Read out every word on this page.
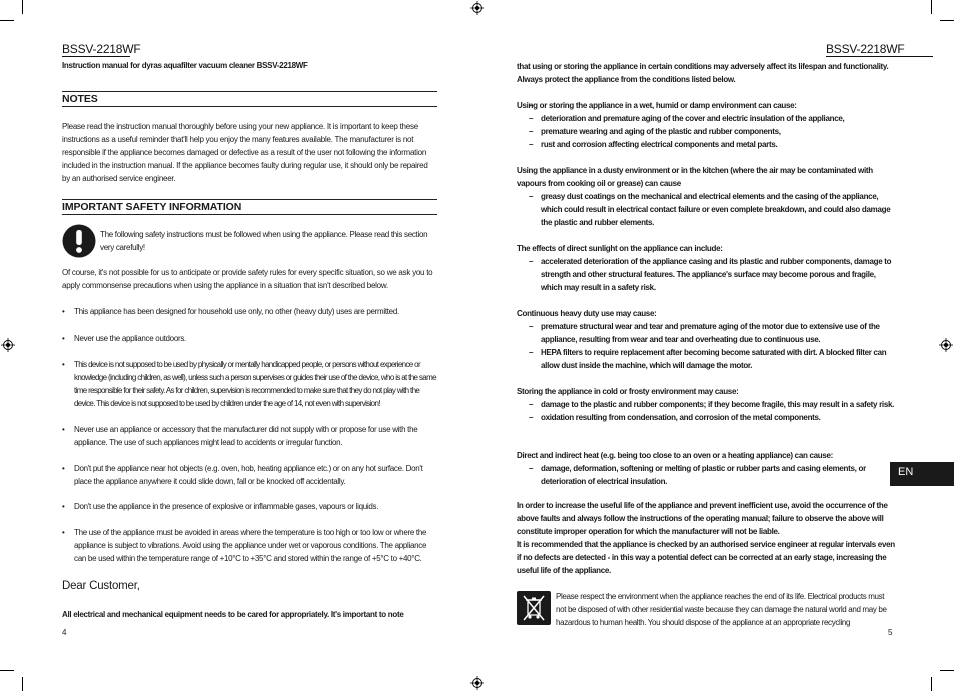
BSSV-2218WF
Instruction manual for dyras aquafilter vacuum cleaner BSSV-2218WF
NOTES

Please read the instruction manual thoroughly before using your new appliance. It is important to keep these instructions as a useful reminder that'll help you enjoy the many features available. The manufacturer is not responsible if the appliance becomes damaged or defective as a result of the user not following the information included in the instruction manual. If the appliance becomes faulty during regular use, it should only be repaired by an authorised service engineer.

IMPORTANT SAFETY INFORMATION

The following safety instructions must be followed when using the appliance. Please read this section very carefully!

Of course, it's not possible for us to anticipate or provide safety rules for every specific situation, so we ask you to apply commonsense precautions when using the appliance in a situation that isn't described below.

• This appliance has been designed for household use only, no other (heavy duty) uses are permitted.
• Never use the appliance outdoors.
• This device is not supposed to be used by physically or mentally handicapped people, or persons without experience or knowledge (including children, as well), unless such a person supervises or guides their use of the device, who is at the same time responsible for their safety. As for children, supervision is recommended to make sure that they do not play with the device. This device is not supposed to be used by children under the age of 14, not even with supervision!
• Never use an appliance or accessory that the manufacturer did not supply with or propose for use with the appliance. The use of such appliances might lead to accidents or irregular function.
• Don't put the appliance near hot objects (e.g. oven, hob, heating appliance etc.) or on any hot surface. Don't place the appliance anywhere it could slide down, fall or be knocked off accidentally.
• Don't use the appliance in the presence of explosive or inflammable gases, vapours or liquids.
• The use of the appliance must be avoided in areas where the temperature is too high or too low or where the appliance is subject to vibrations. Avoid using the appliance under wet or vaporous conditions. The appliance can be used within the temperature range of +10°C to +35°C and stored within the range of +5°C to +40°C.
Dear Customer,
All electrical and mechanical equipment needs to be cared for appropriately. It's important to note
4
BSSV-2218WF

that using or storing the appliance in certain conditions may adversely affect its lifespan and functionality. Always protect the appliance from the conditions listed below.

– Using or storing the appliance in a wet, humid or damp environment can cause:
– deterioration and premature aging of the cover and electric insulation of the appliance,
– premature wearing and aging of the plastic and rubber components,
– rust and corrosion affecting electrical components and metal parts.

Using the appliance in a dusty environment or in the kitchen (where the air may be contaminated with vapours from cooking oil or grease) can cause

– greasy dust coatings on the mechanical and electrical elements and the casing of the appliance, which could result in electrical contact failure or even complete breakdown, and could also damage the plastic and rubber elements.

The effects of direct sunlight on the appliance can include:

– accelerated deterioration of the appliance casing and its plastic and rubber components, damage to strength and other structural features. The appliance's surface may become porous and fragile, which may result in a safety risk.

Continuous heavy duty use may cause:

– premature structural wear and tear and premature aging of the motor due to extensive use of the appliance, resulting from wear and tear and overheating due to continuous use.
– HEPA filters to require replacement after becoming become saturated with dirt. A blocked filter can allow dust inside the machine, which will damage the motor.

Storing the appliance in cold or frosty environment may cause:

– damage to the plastic and rubber components; if they become fragile, this may result in a safety risk.
– oxidation resulting from condensation, and corrosion of the metal components.

Direct and indirect heat (e.g. being too close to an oven or a heating appliance) can cause:

– damage, deformation, softening or melting of plastic or rubber parts and casing elements, or deterioration of electrical insulation.

In order to increase the useful life of the appliance and prevent inefficient use, avoid the occurrence of the above faults and always follow the instructions of the operating manual; failure to observe the above will constitute improper operation for which the manufacturer will not be liable.

It is recommended that the appliance is checked by an authorised service engineer at regular intervals even if no defects are detected - in this way a potential defect can be corrected at an early stage, increasing the useful life of the appliance.

EN

Please respect the environment when the appliance reaches the end of its life. Electrical products must not be disposed of with other residential waste because they can damage the natural world and may be hazardous to human health. You should dispose of the appliance at an appropriate recycling

5
